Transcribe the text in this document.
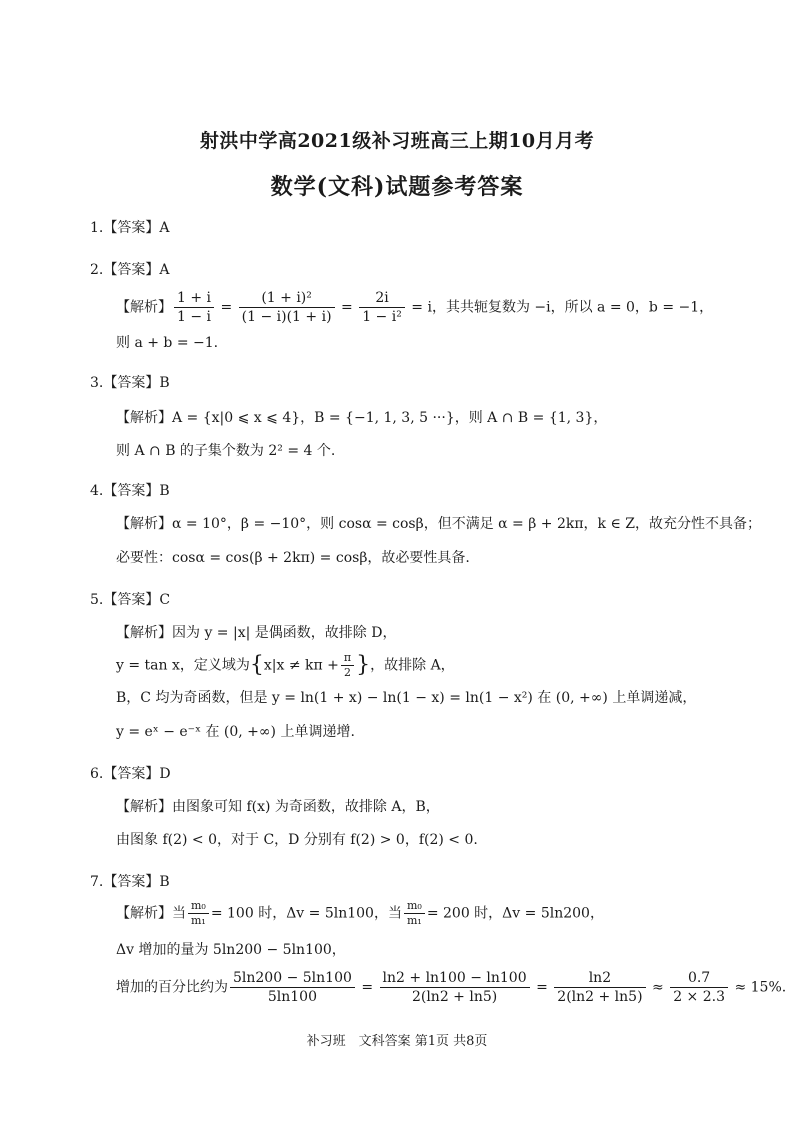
射洪中学高2021级补习班高三上期10月月考
数学(文科)试题参考答案
1.【答案】A
2.【答案】A
【解析】 $\frac{1 + i}{1 - i} = \frac{\text{(1 + i)²}}{(1 - i)(1 + i)} = \frac{2i}{\text{1 − i²}} = i$，其共轭复数为 −i，所以 a = 0，b = −1，
则 a + b = −1.
3.【答案】B
【解析】A = {x|0 ⩽ x ⩽ 4}，B = {−1, 1, 3, 5 ···}，则 A ∩ B = {1, 3}，
则 A ∩ B 的子集个数为 2² = 4 个.
4.【答案】B
【解析】α = 10°，β = −10°，则 cosα = cosβ，但不满足 α = β + 2kπ，k ∈ Z，故充分性不具备；
必要性：cosα = cos(β + 2kπ) = cosβ，故必要性具备.
5.【答案】C
【解析】因为 y = |x| 是偶函数，故排除 D，
y = tan x，定义域为{$x|x \ne k\pi + \frac{\pi}{2}$ }，故排除 A，
B，C 均为奇函数，但是 y = ln(1 + x) − ln(1 − x) = ln(1 − x²) 在 (0, +∞) 上单调递减，
y = eˣ − e⁻ˣ 在 (0, +∞) 上单调递增.
6.【答案】D
【解析】由图象可知 f(x) 为奇函数，故排除 A，B，
由图象 f(2) < 0，对于 C，D 分别有 f(2) > 0，f(2) < 0.
7.【答案】B
【解析】当 $\frac{\text{m₀}}{\text{m₁}} = 100$ 时，Δv = 5ln100，当 $\frac{\text{m₀}}{\text{m₁}} = 200$ 时，Δv = 5ln200，
Δv 增加的量为 5ln200 − 5ln100，
增加的百分比约为 $\frac{5\ln 200 - 5\ln 100}{5\ln 100} = \frac{\ln 2 + \ln 100 - \ln 100}{2(\ln 2 + \ln 5)} = \frac{\ln 2}{2(\ln 2 + \ln 5)} \approx \frac{0.7}{2 \times 2.3} \approx 15\%$.
补习班　文科答案 第1页 共8页
